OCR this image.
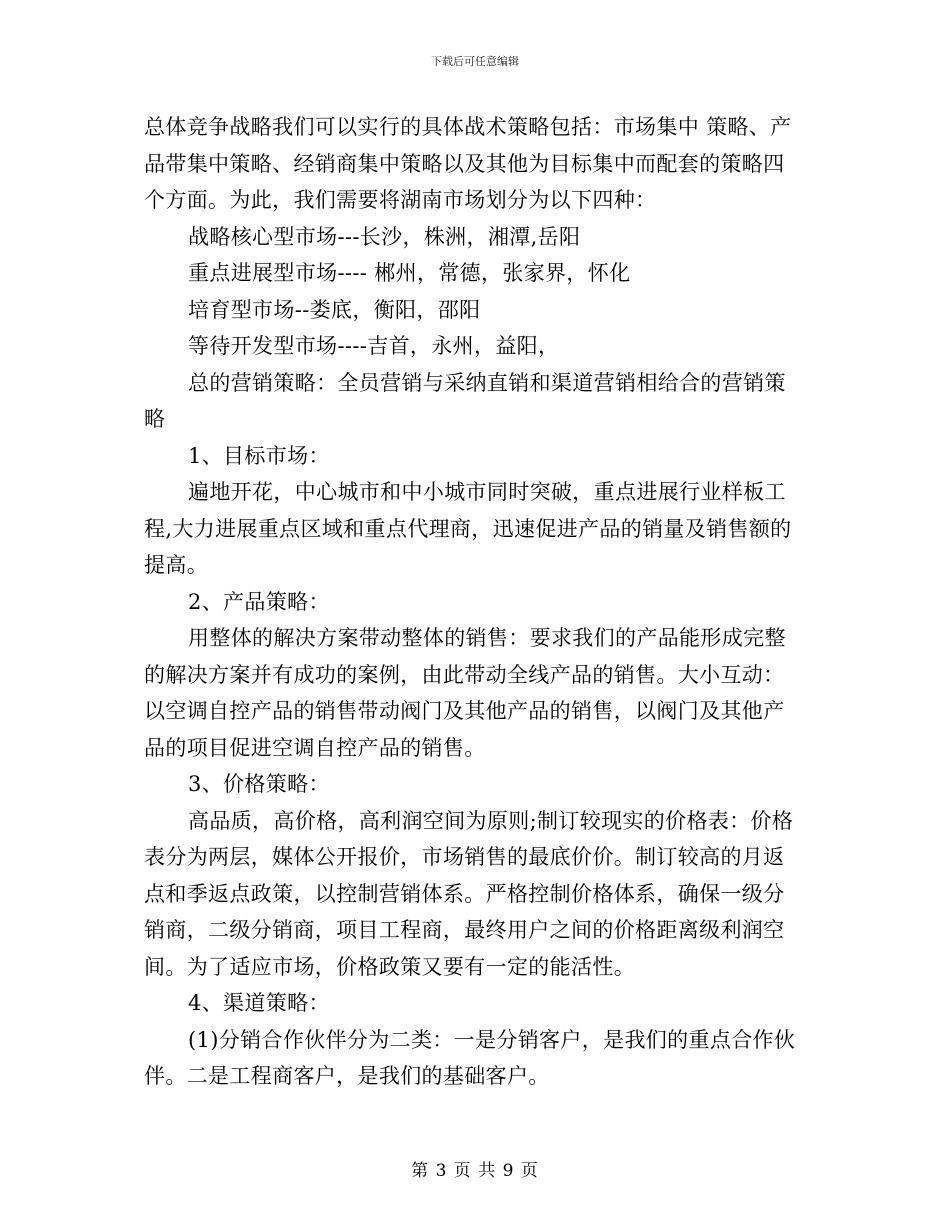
下载后可任意编辑
总体竞争战略我们可以实行的具体战术策略包括：市场集中 策略、产
品带集中策略、经销商集中策略以及其他为目标集中而配套的策略四
个方面。为此，我们需要将湖南市场划分为以下四种：
战略核心型市场---长沙，株洲，湘潭,岳阳
重点进展型市场---- 郴州，常德，张家界，怀化
培育型市场--娄底，衡阳，邵阳
等待开发型市场----吉首，永州，益阳，
总的营销策略：全员营销与采纳直销和渠道营销相给合的营销策
略
1、目标市场：
遍地开花，中心城市和中小城市同时突破，重点进展行业样板工
程,大力进展重点区域和重点代理商，迅速促进产品的销量及销售额的
提高。
2、产品策略：
用整体的解决方案带动整体的销售：要求我们的产品能形成完整
的解决方案并有成功的案例，由此带动全线产品的销售。大小互动：
以空调自控产品的销售带动阀门及其他产品的销售，以阀门及其他产
品的项目促进空调自控产品的销售。
3、价格策略：
高品质，高价格，高利润空间为原则;制订较现实的价格表：价格
表分为两层，媒体公开报价，市场销售的最底价价。制订较高的月返
点和季返点政策，以控制营销体系。严格控制价格体系，确保一级分
销商，二级分销商，项目工程商，最终用户之间的价格距离级利润空
间。为了适应市场，价格政策又要有一定的能活性。
4、渠道策略：
(1)分销合作伙伴分为二类：一是分销客户，是我们的重点合作伙
伴。二是工程商客户，是我们的基础客户。
第 3 页 共 9 页
